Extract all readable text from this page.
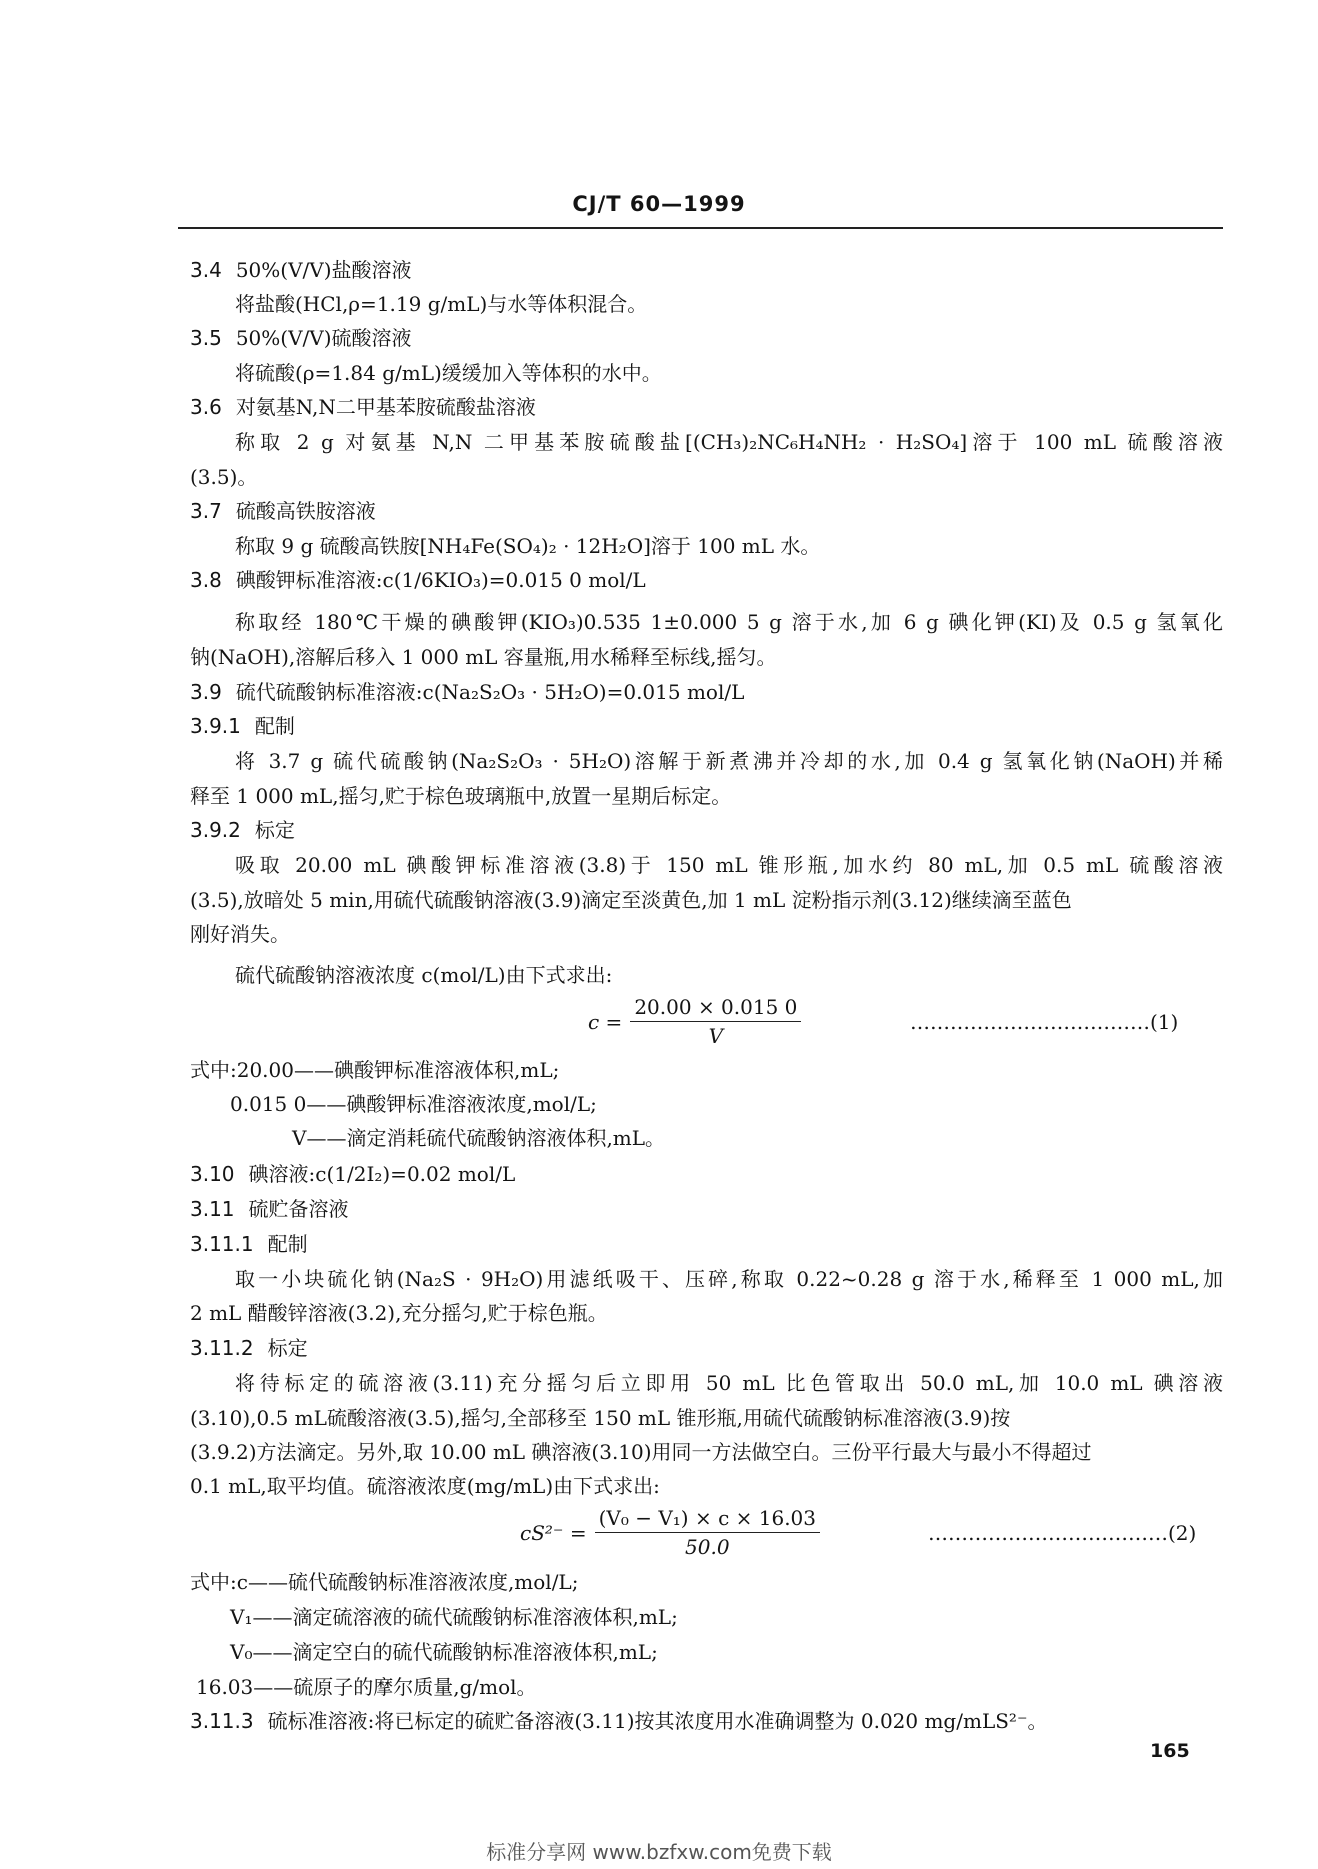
CJ/T 60—1999
3.4 50%(V/V)盐酸溶液
将盐酸(HCl,ρ=1.19 g/mL)与水等体积混合。
3.5 50%(V/V)硫酸溶液
将硫酸(ρ=1.84 g/mL)缓缓加入等体积的水中。
3.6 对氨基N,N二甲基苯胺硫酸盐溶液
称取 2 g 对氨基 N,N 二甲基苯胺硫酸盐[(CH₃)₂NC₆H₄NH₂ · H₂SO₄]溶于 100 mL 硫酸溶液
(3.5)。
3.7 硫酸高铁胺溶液
称取 9 g 硫酸高铁胺[NH₄Fe(SO₄)₂ · 12H₂O]溶于 100 mL 水。
3.8 碘酸钾标准溶液:c(1/6KIO₃)=0.015 0 mol/L
称取经 180℃干燥的碘酸钾(KIO₃)0.535 1±0.000 5 g 溶于水,加 6 g 碘化钾(KI)及 0.5 g 氢氧化
钠(NaOH),溶解后移入 1 000 mL 容量瓶,用水稀释至标线,摇匀。
3.9 硫代硫酸钠标准溶液:c(Na₂S₂O₃ · 5H₂O)=0.015 mol/L
3.9.1 配制
将 3.7 g 硫代硫酸钠(Na₂S₂O₃ · 5H₂O)溶解于新煮沸并冷却的水,加 0.4 g 氢氧化钠(NaOH)并稀
释至 1 000 mL,摇匀,贮于棕色玻璃瓶中,放置一星期后标定。
3.9.2 标定
吸取 20.00 mL 碘酸钾标准溶液(3.8)于 150 mL 锥形瓶,加水约 80 mL,加 0.5 mL 硫酸溶液
(3.5),放暗处 5 min,用硫代硫酸钠溶液(3.9)滴定至淡黄色,加 1 mL 淀粉指示剂(3.12)继续滴至蓝色
刚好消失。
硫代硫酸钠溶液浓度 c(mol/L)由下式求出:
$c = \frac{20.00 \times 0.015 0}{V}$	………………………………(1)
式中:20.00——碘酸钾标准溶液体积,mL;
0.015 0——碘酸钾标准溶液浓度,mol/L;
V——滴定消耗硫代硫酸钠溶液体积,mL。
3.10 碘溶液:c(1/2I₂)=0.02 mol/L
3.11 硫贮备溶液
3.11.1 配制
取一小块硫化钠(Na₂S · 9H₂O)用滤纸吸干、压碎,称取 0.22~0.28 g 溶于水,稀释至 1 000 mL,加
2 mL 醋酸锌溶液(3.2),充分摇匀,贮于棕色瓶。
3.11.2 标定
将待标定的硫溶液(3.11)充分摇匀后立即用 50 mL 比色管取出 50.0 mL,加 10.0 mL 碘溶液
(3.10),0.5 mL硫酸溶液(3.5),摇匀,全部移至 150 mL 锥形瓶,用硫代硫酸钠标准溶液(3.9)按
(3.9.2)方法滴定。另外,取 10.00 mL 碘溶液(3.10)用同一方法做空白。三份平行最大与最小不得超过
0.1 mL,取平均值。硫溶液浓度(mg/mL)由下式求出:
$cS^{2-} = \frac{\text{(V₀ − V₁) × c × 16.03}}{50.0}$	………………………………(2)
式中:c——硫代硫酸钠标准溶液浓度,mol/L;
V₁——滴定硫溶液的硫代硫酸钠标准溶液体积,mL;
V₀——滴定空白的硫代硫酸钠标准溶液体积,mL;
16.03——硫原子的摩尔质量,g/mol。
3.11.3 硫标准溶液:将已标定的硫贮备溶液(3.11)按其浓度用水准确调整为 0.020 mg/mLS²⁻。
165
标准分享网 www.bzfxw.com免费下载
